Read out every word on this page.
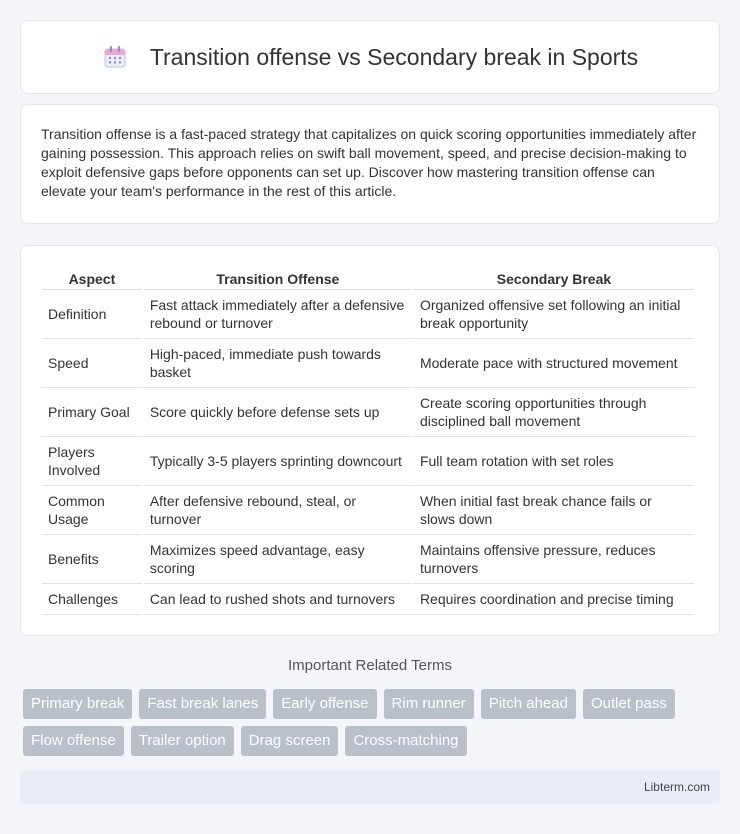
Transition offense vs Secondary break in Sports

Transition offense is a fast-paced strategy that capitalizes on quick scoring opportunities immediately after gaining possession. This approach relies on swift ball movement, speed, and precise decision-making to exploit defensive gaps before opponents can set up. Discover how mastering transition offense can elevate your team's performance in the rest of this article.

Aspect	Transition Offense	Secondary Break
Definition	Fast attack immediately after a defensive rebound or turnover	Organized offensive set following an initial break opportunity
Speed	High-paced, immediate push towards basket	Moderate pace with structured movement
Primary Goal	Score quickly before defense sets up	Create scoring opportunities through disciplined ball movement
Players Involved	Typically 3-5 players sprinting downcourt	Full team rotation with set roles
Common Usage	After defensive rebound, steal, or turnover	When initial fast break chance fails or slows down
Benefits	Maximizes speed advantage, easy scoring	Maintains offensive pressure, reduces turnovers
Challenges	Can lead to rushed shots and turnovers	Requires coordination and precise timing
Important Related Terms
Primary break	Fast break lanes	Early offense	Rim runner	Pitch ahead	Outlet pass
Flow offense	Trailer option	Drag screen	Cross-matching
Libterm.com
